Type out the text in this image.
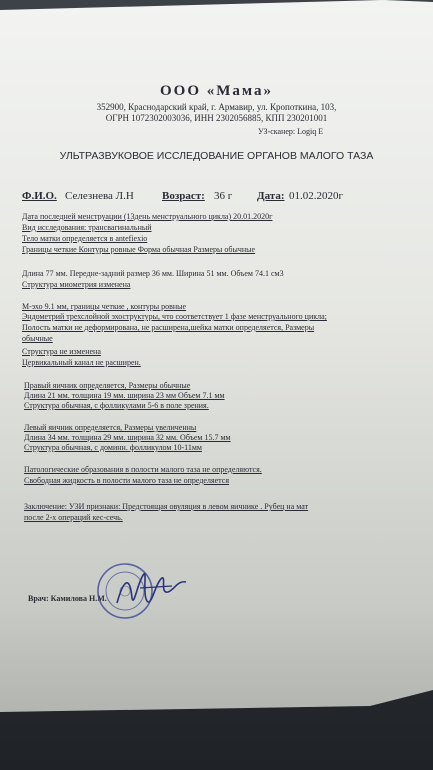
ООО «Мама»
352900, Краснодарский край, г. Армавир, ул. Кропоткина, 103,
ОГРН 1072302003036, ИНН 2302056885, КПП 230201001
УЗ-сканер: Logiq E
УЛЬТРАЗВУКОВОЕ ИССЛЕДОВАНИЕ ОРГАНОВ МАЛОГО ТАЗА
Ф.И.О. Селезнева Л.Н	Возраст: 36 г Дата: 01.02.2020г
Дата последней менструации (13день менструального цикла) 20.01.2020г
Вид исследования: трансвагинальный
Тело матки определяется в antefiexio
Границы четкие Контуры ровные Форма обычная Размеры обычные
Длина 77 мм. Передне-задний размер 36 мм. Ширина 51 мм. Объем 74.1 см3
Структура миометрия изменена
М-эхо 9.1 мм, границы четкие , контуры ровные
Эндометрий трехслойной эхоструктуры, что соответствует 1 фазе менструального цикла;
Полость матки не деформирована, не расширена,шейка матки определяется, Размеры
обычные
Структура не изменена
Цервикальный канал не расширен.
Правый яичник определяется, Размеры обычные
Длина 21 мм. толщина 19 мм. ширина 23 мм Объем 7.1 мм
Структура обычная, с фолликулами 5-6 в поле зрения.
Левый яичник определяется, Размеры увеличенны
Длина 34 мм. толщина 29 мм. ширина 32 мм. Объем 15.7 мм
Структура обычная, с доминн. фолликулом 10-11мм
Патологические образования в полости малого таза не определяются.
Свободная жидкость в полости малого таза не определяется
Заключение: УЗИ признаки: Предстоящая овуляция в левом яичнике . Рубец на мат
после 2-х операций кес-сечь.
Врач: Камилова Н.М.
